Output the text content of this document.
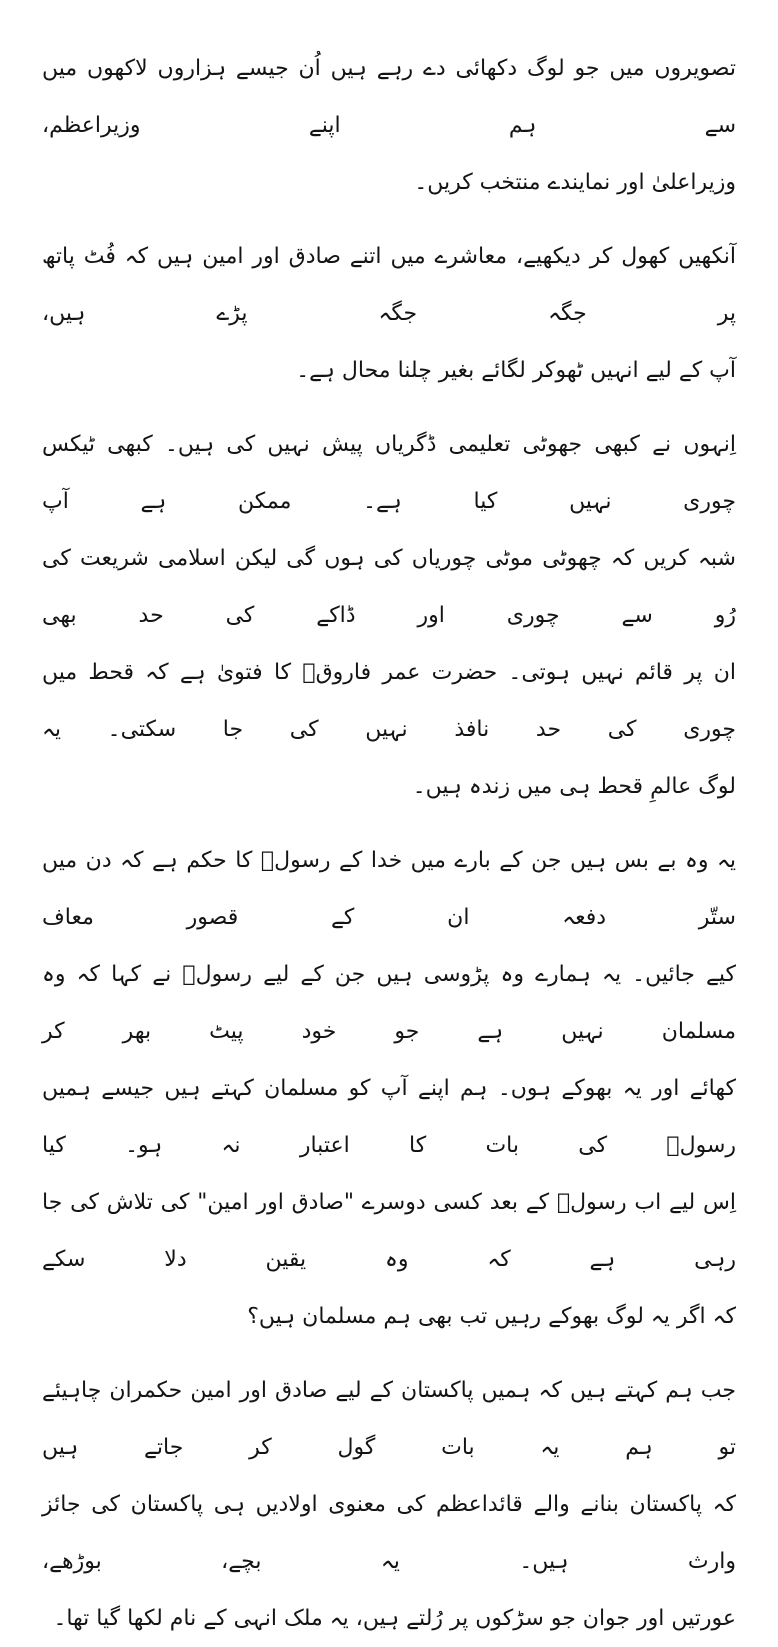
تصویروں میں جو لوگ دکھائی دے رہے ہیں اُن جیسے ہزاروں لاکھوں میں سے ہم اپنے وزیراعظم،
وزیراعلیٰ اور نمایندے منتخب کریں۔
آنکھیں کھول کر دیکھیے، معاشرے میں اتنے صادق اور امین ہیں کہ فُٹ پاتھ پر جگہ جگہ پڑے ہیں،
آپ کے لیے انہیں ٹھوکر لگائے بغیر چلنا محال ہے۔
اِنہوں نے کبھی جھوٹی تعلیمی ڈگریاں پیش نہیں کی ہیں۔ کبھی ٹیکس چوری نہیں کیا ہے۔ ممکن ہے آپ
شبہ کریں کہ چھوٹی موٹی چوریاں کی ہوں گی لیکن اسلامی شریعت کی رُو سے چوری اور ڈاکے کی حد بھی
ان پر قائم نہیں ہوتی۔ حضرت عمر فاروقؓ کا فتویٰ ہے کہ قحط میں چوری کی حد نافذ نہیں کی جا سکتی۔ یہ
لوگ عالمِ قحط ہی میں زندہ ہیں۔
یہ وہ بے بس ہیں جن کے بارے میں خدا کے رسولؐ کا حکم ہے کہ دن میں ستّر دفعہ ان کے قصور معاف
کیے جائیں۔ یہ ہمارے وہ پڑوسی ہیں جن کے لیے رسولؐ نے کہا کہ وہ مسلمان نہیں ہے جو خود پیٹ بھر کر
کھائے اور یہ بھوکے ہوں۔ ہم اپنے آپ کو مسلمان کہتے ہیں جیسے ہمیں رسولؐ کی بات کا اعتبار نہ ہو۔ کیا
اِس لیے اب رسولؐ کے بعد کسی دوسرے "صادق اور امین" کی تلاش کی جا رہی ہے کہ وہ یقین دلا سکے
کہ اگر یہ لوگ بھوکے رہیں تب بھی ہم مسلمان ہیں؟
جب ہم کہتے ہیں کہ ہمیں پاکستان کے لیے صادق اور امین حکمران چاہیئے تو ہم یہ بات گول کر جاتے ہیں
کہ پاکستان بنانے والے قائداعظم کی معنوی اولادیں ہی پاکستان کی جائز وارث ہیں۔ یہ بچے، بوڑھے،
عورتیں اور جوان جو سڑکوں پر رُلتے ہیں، یہ ملک انہی کے نام لکھا گیا تھا۔
